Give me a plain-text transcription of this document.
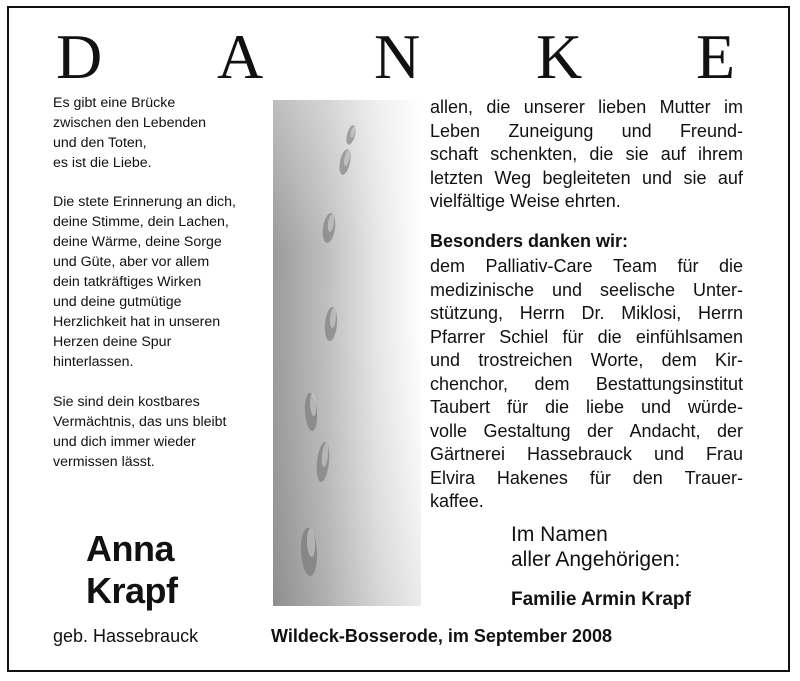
D A N K E
Es gibt eine Brücke
zwischen den Lebenden
und den Toten,
es ist die Liebe.
Die stete Erinnerung an dich,
deine Stimme, dein Lachen,
deine Wärme, deine Sorge
und Güte, aber vor allem
dein tatkräftiges Wirken
und deine gutmütige
Herzlichkeit hat in unseren
Herzen deine Spur
hinterlassen.
Sie sind dein kostbares
Vermächtnis, das uns bleibt
und dich immer wieder
vermissen lässt.
Anna
Krapf
geb. Hassebrauck
allen, die unserer lieben Mutter im
Leben Zuneigung und Freund-
schaft schenkten, die sie auf ihrem
letzten Weg begleiteten und sie auf
vielfältige
Weise
ehrten.
Besonders danken wir:
dem Palliativ-Care Team für die
medizinische und seelische Unter-
stützung, Herrn Dr. Miklosi, Herrn
Pfarrer Schiel für die einfühlsamen
und trostreichen Worte, dem Kir-
chenchor, dem Bestattungsinstitut
Taubert für die liebe und würde-
volle Gestaltung der Andacht, der
Gärtnerei Hassebrauck und Frau
Elvira Hakenes für den Trauer-
kaffee.
Im Namen
aller Angehörigen:
Familie Armin Krapf
Wildeck-Bosserode, im September 2008
